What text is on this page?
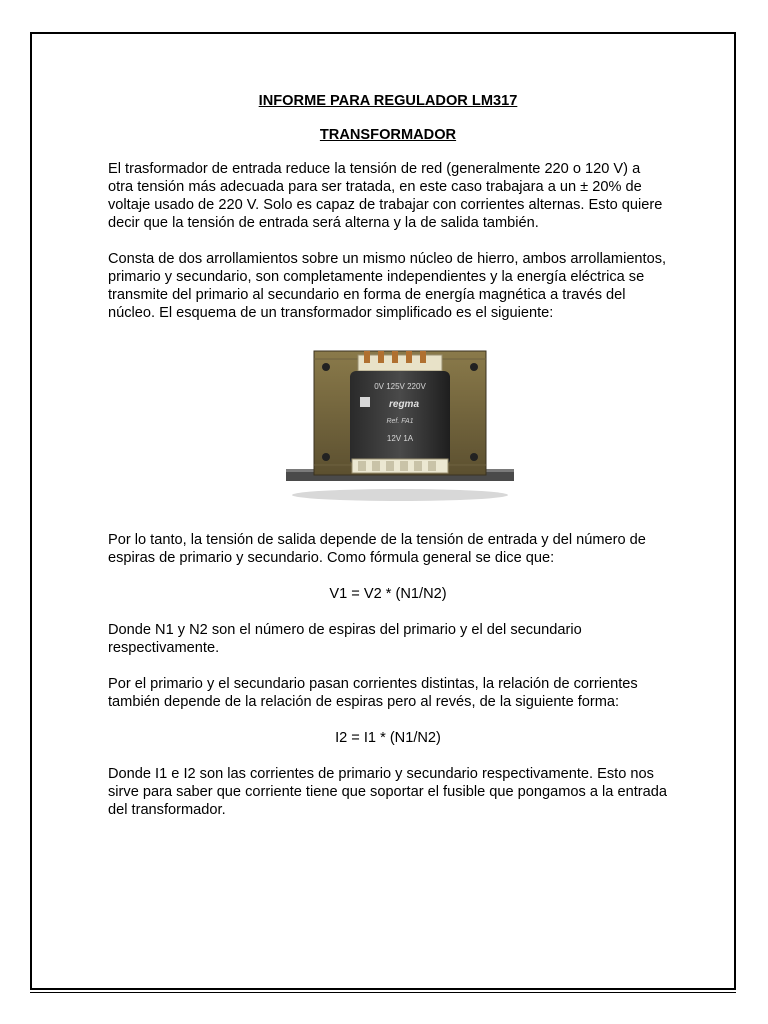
INFORME PARA REGULADOR LM317
TRANSFORMADOR

El trasformador de entrada reduce la tensión de red (generalmente 220 o 120 V) a otra tensión más adecuada para ser tratada, en este caso trabajara a un ± 20% de voltaje usado de 220 V. Solo es capaz de trabajar con corrientes alternas. Esto quiere decir que la tensión de entrada será alterna y la de salida también.

Consta de dos arrollamientos sobre un mismo núcleo de hierro, ambos arrollamientos, primario y secundario, son completamente independientes y la energía eléctrica se transmite del primario al secundario en forma de energía magnética a través del núcleo. El esquema de un transformador simplificado es el siguiente:

0V 125V 220V
regma
Ref. FA1
12V 1A

Por lo tanto, la tensión de salida depende de la tensión de entrada y del número de espiras de primario y secundario. Como fórmula general se dice que:

V1 = V2 * (N1/N2)

Donde N1 y N2 son el número de espiras del primario y el del secundario respectivamente.

Por el primario y el secundario pasan corrientes distintas, la relación de corrientes también depende de la relación de espiras pero al revés, de la siguiente forma:

I2 = I1 * (N1/N2)

Donde I1 e I2 son las corrientes de primario y secundario respectivamente. Esto nos sirve para saber que corriente tiene que soportar el fusible que pongamos a la entrada del transformador.
